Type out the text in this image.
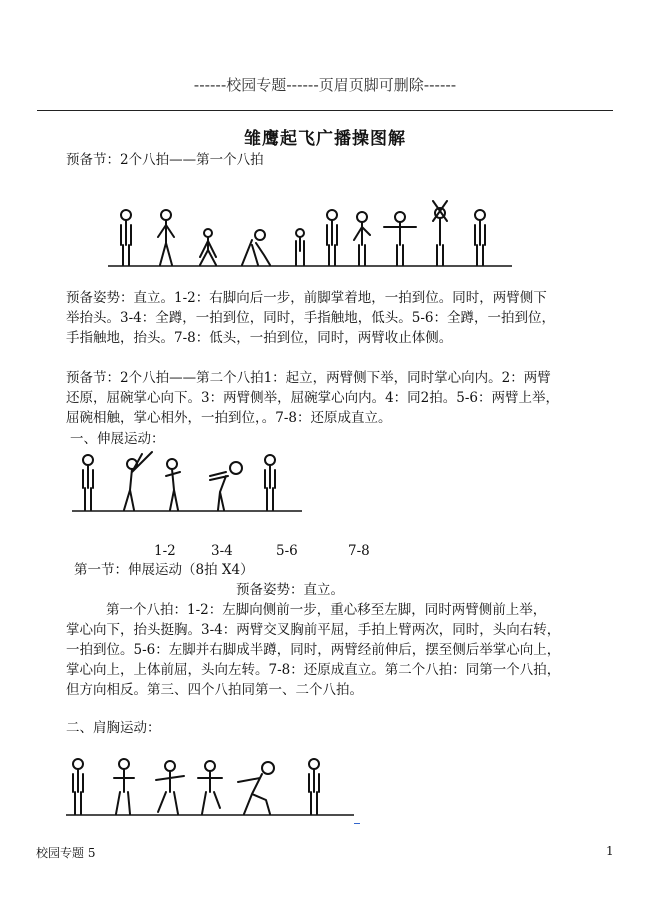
------校园专题------页眉页脚可删除------
雏鹰起飞广播操图解
预备节：2个八拍——第一个八拍
预备姿势：直立。1-2：右脚向后一步，前脚掌着地，一拍到位。同时，两臂侧下
举抬头。3-4：全蹲，一拍到位，同时，手指触地，低头。5-6：全蹲，一拍到位，
手指触地，抬头。7-8：低头，一拍到位，同时，两臂收止体侧。
预备节：2个八拍——第二个八拍1：起立，两臂侧下举，同时掌心向内。2：两臂
还原，屈碗掌心向下。3：两臂侧举，屈碗掌心向内。4：同2拍。5-6：两臂上举，
屈碗相触，掌心相外，一拍到位，。7-8：还原成直立。
一、伸展运动：
1-2	3-4	5-6	7-8
第一节：伸展运动（8拍 X4）
预备姿势：直立。
第一个八拍：1-2：左脚向侧前一步，重心移至左脚，同时两臂侧前上举，
掌心向下，抬头挺胸。3-4：两臂交叉胸前平屈，手拍上臂两次，同时，头向右转，
一拍到位。5-6：左脚并右脚成半蹲，同时，两臂经前伸后，摆至侧后举掌心向上，
掌心向上，上体前屈，头向左转。7-8：还原成直立。第二个八拍：同第一个八拍，
但方向相反。第三、四个八拍同第一、二个八拍。
二、肩胸运动：
校园专题 5	1
